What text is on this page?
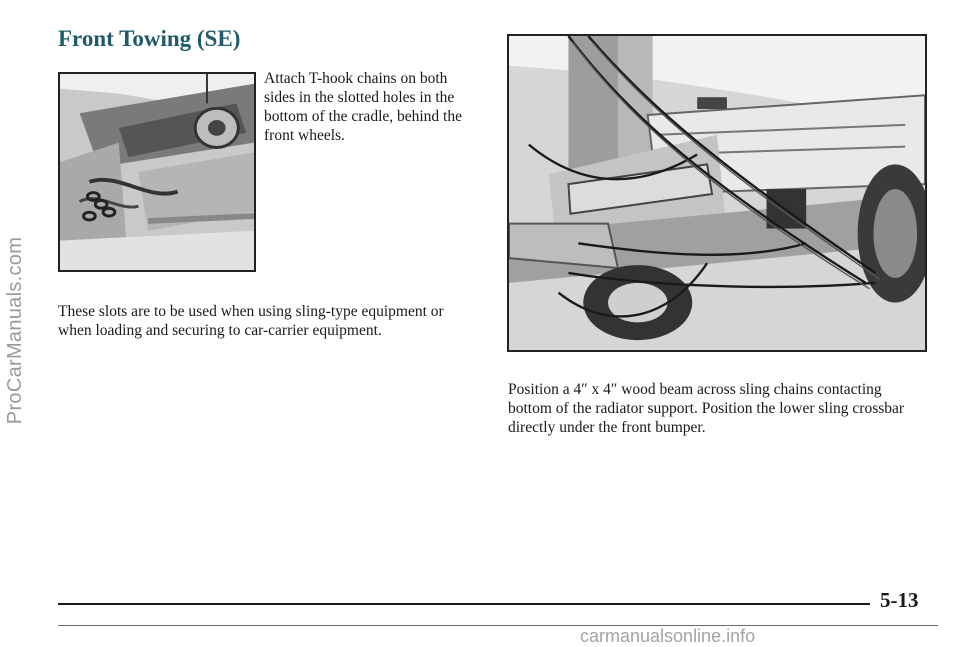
ProCarManuals.com
Front Towing (SE)

Attach T-hook chains on both sides in the slotted holes in the bottom of the cradle, behind the front wheels.

These slots are to be used when using sling-type equipment or when loading and securing to car-carrier equipment.

Position a 4″ x 4″ wood beam across sling chains contacting bottom of the radiator support. Position the lower sling crossbar directly under the front bumper.

5-13
carmanualsonline.info
